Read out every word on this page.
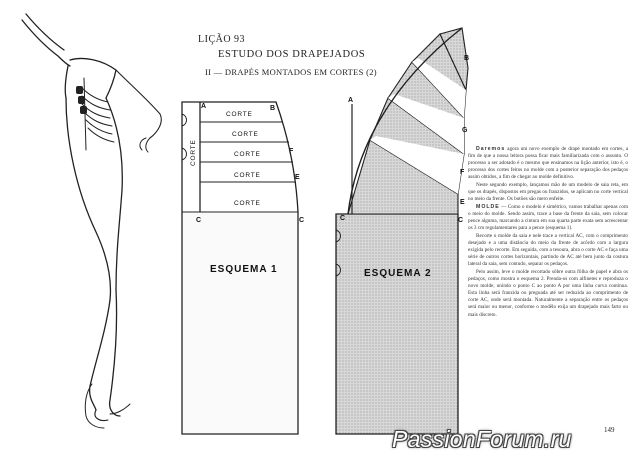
LIÇÃO 93
ESTUDO DOS DRAPEJADOS
II — DRAPÉS MONTADOS EM CORTES (2)
A	B
F
E
C	C
CORTE
CORTE
CORTE
CORTE
CORTE
CORTE
ESQUEMA 1
A
B
G
F
E
C	C
ESQUEMA 2

Daremos agora um novo exemplo de drapé montado em cortes, a fim de que a nossa leitora possa ficar mais familiarizada com o assunto. O processo a ser adotado é o mesmo que ensinamos na lição anterior, isto é, o processo dos cortes feitos no molde com a posterior separação dos pedaços assim obtidos, a fim de chegar ao molde definitivo.

Neste segundo exemplo, lançamos mão de um modelo de saia reta, em que os drapés, dispostos em pregas ou franzidos, se aplicam no corte vertical no meio da frente. Os botões são mero enfeite.

MOLDE — Como o modelo é simétrico, vamos trabalhar apenas com o meio do molde. Sendo assim, trace a base da frente da saia, sem colocar pence alguma, marcando a cintura em sua quarta parte exata sem acrescentar os 3 cm regulamentares para a pence (esquema 1).

Recorte o molde da saia e nele trace a vertical AC, com o comprimento desejado e a uma distância do meio da frente de acôrdo com a largura exigida pelo recorte. Em seguida, com a tesoura, abra o corte AC e faça uma série de outros cortes horizontais, partindo de AC até bem junto da costura lateral da saia, sem contudo, separar os pedaços.

Pelo assim, leve o molde recortado sôbre outra fôlha de papel e abra os pedaços, como mostra o esquema 2. Prenda-os com alfinetes e reproduza o novo molde, unindo o ponto C ao ponto A por uma linha curva contínua. Esta linha será franzida ou preguada até ser reduzida ao comprimento de corte AC, onde será montada. Naturalmente a separação entre os pedaços será maior ou menor, conforme o modêlo exija um drapejado mais farto ou mais discreto.

149
PassionForum.ru
